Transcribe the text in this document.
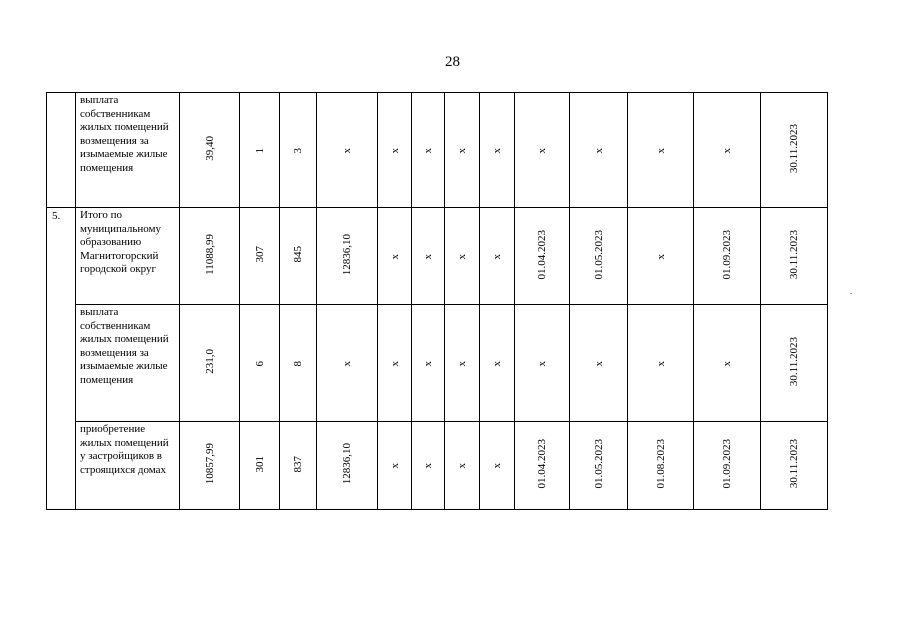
28
	выплата собственникам жилых помещений возмещения за изымаемые жилые помещения	39,40	1	3	x	x	x	x	x	x	x	x	x	30.11.2023
5.	Итого по муниципальному образованию Магнитогорский городской округ	11088,99	307	845	12836,10	x	x	x	x	01.04.2023	01.05.2023	x	01.09.2023	30.11.2023
	выплата собственникам жилых помещений возмещения за изымаемые жилые помещения	231,0	6	8	x	x	x	x	x	x	x	x	x	30.11.2023
	приобретение жилых помещений у застройщиков в строящихся домах	10857,99	301	837	12836,10	x	x	x	x	01.04.2023	01.05.2023	01.08.2023	01.09.2023	30.11.2023
